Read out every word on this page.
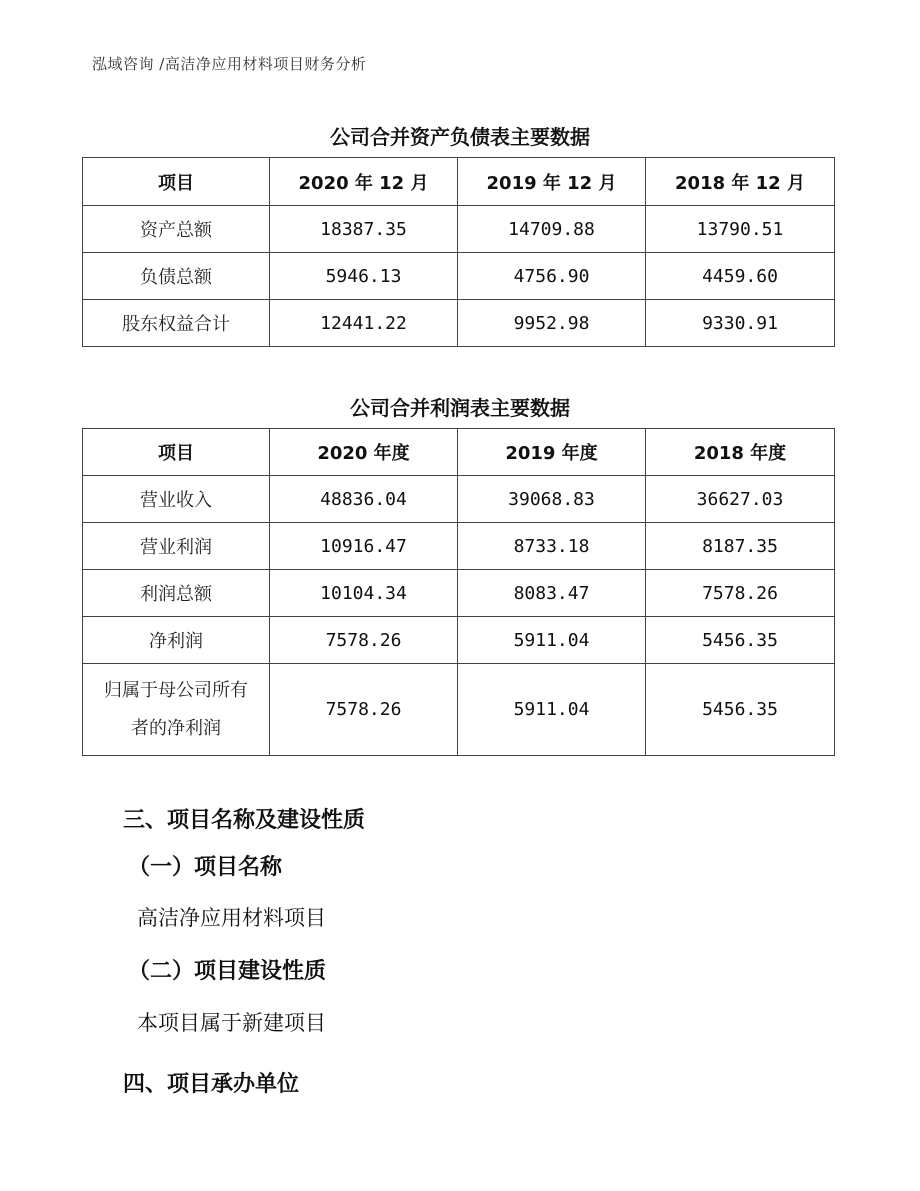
泓域咨询 /高洁净应用材料项目财务分析
公司合并资产负债表主要数据
项目	2020 年 12 月	2019 年 12 月	2018 年 12 月
资产总额	18387.35	14709.88	13790.51
负债总额	5946.13	4756.90	4459.60
股东权益合计	12441.22	9952.98	9330.91
公司合并利润表主要数据
项目	2020 年度	2019 年度	2018 年度
营业收入	48836.04	39068.83	36627.03
营业利润	10916.47	8733.18	8187.35
利润总额	10104.34	8083.47	7578.26
净利润	7578.26	5911.04	5456.35

归属于母公司所有
者的净利润	7578.26	5911.04	5456.35
三、项目名称及建设性质
（一）项目名称
高洁净应用材料项目
（二）项目建设性质
本项目属于新建项目
四、项目承办单位
